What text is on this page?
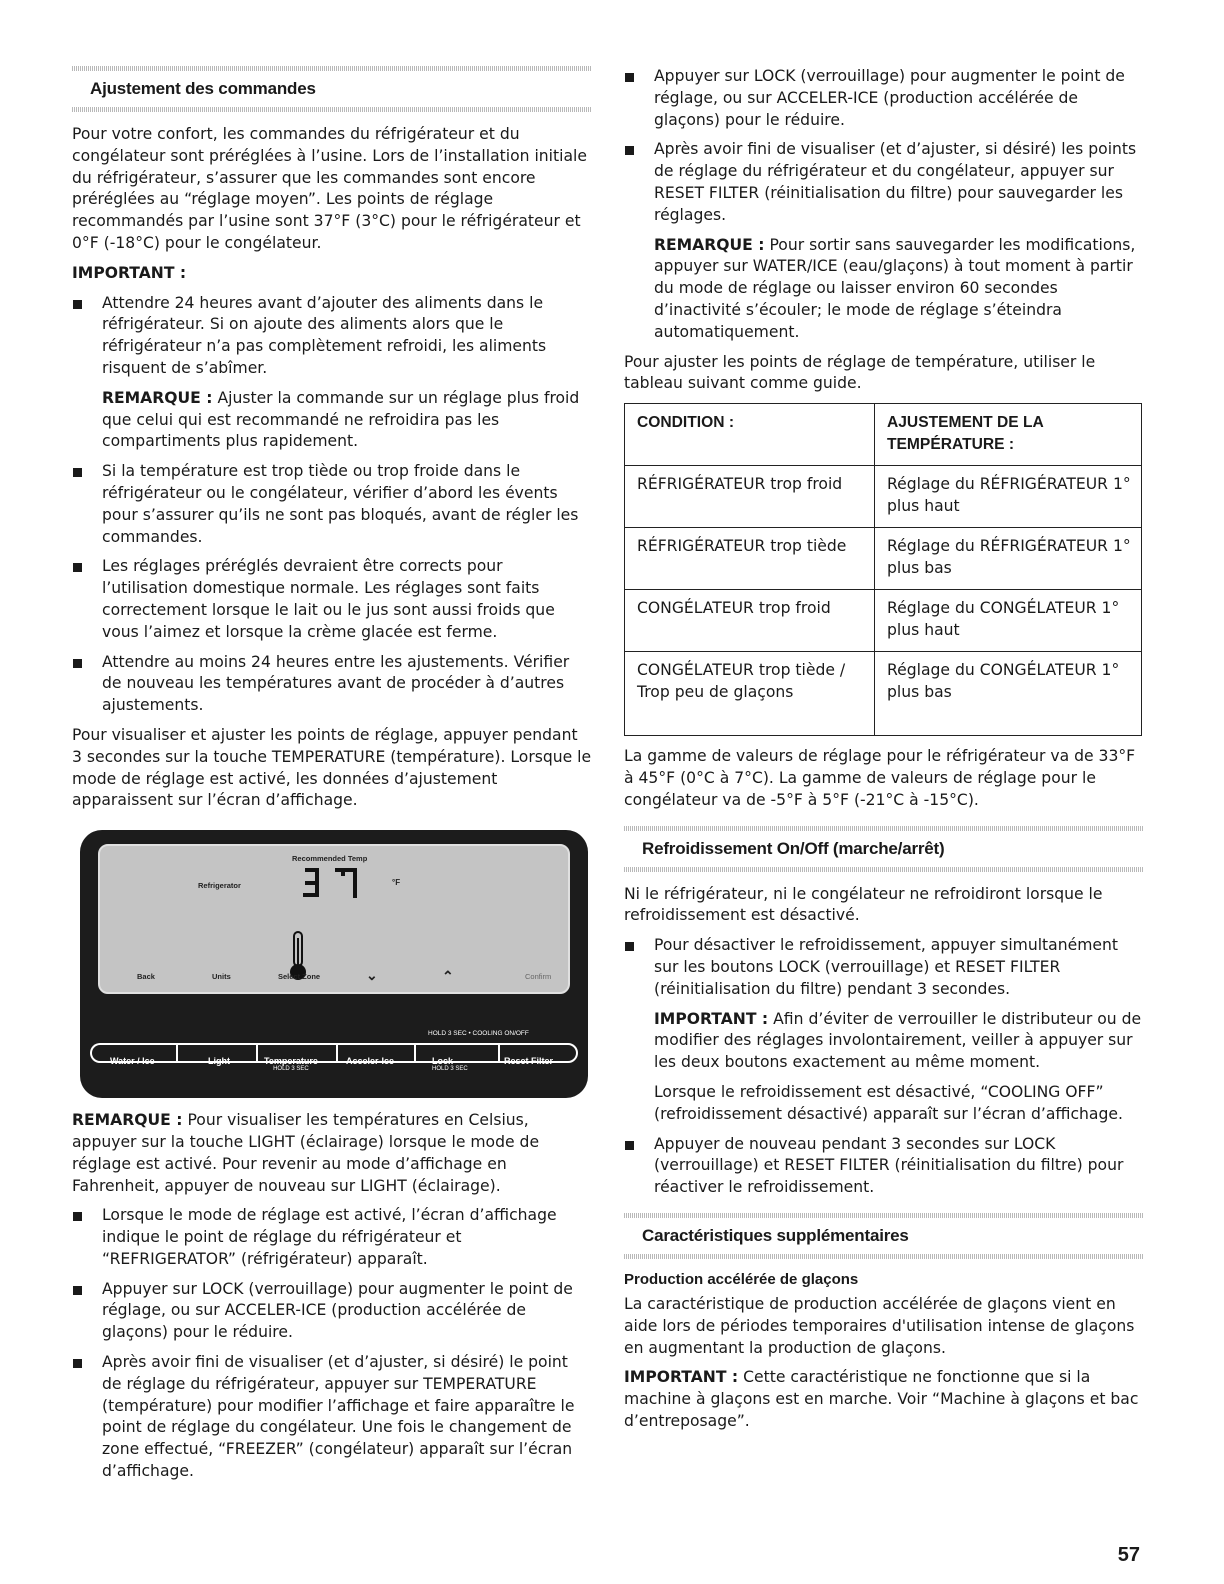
Ajustement des commandes

Pour votre confort, les commandes du réfrigérateur et du congélateur sont préréglées à l’usine. Lors de l’installation initiale du réfrigérateur, s’assurer que les commandes sont encore préréglées au “réglage moyen”. Les points de réglage recommandés par l’usine sont 37°F (3°C) pour le réfrigérateur et 0°F (-18°C) pour le congélateur.

IMPORTANT :

Attendre 24 heures avant d’ajouter des aliments dans le réfrigérateur. Si on ajoute des aliments alors que le réfrigérateur n’a pas complètement refroidi, les aliments risquent de s’abîmer.

REMARQUE : Ajuster la commande sur un réglage plus froid que celui qui est recommandé ne refroidira pas les compartiments plus rapidement.

Si la température est trop tiède ou trop froide dans le réfrigérateur ou le congélateur, vérifier d’abord les évents pour s’assurer qu’ils ne sont pas bloqués, avant de régler les commandes.

Les réglages préréglés devraient être corrects pour l’utilisation domestique normale. Les réglages sont faits correctement lorsque le lait ou le jus sont aussi froids que vous l’aimez et lorsque la crème glacée est ferme.

Attendre au moins 24 heures entre les ajustements. Vérifier de nouveau les températures avant de procéder à d’autres ajustements.

Pour visualiser et ajuster les points de réglage, appuyer pendant 3 secondes sur la touche TEMPERATURE (température). Lorsque le mode de réglage est activé, les données d’ajustement apparaissent sur l’écran d’affichage.

Recommended Temp
Refrigerator	°F
Back	Units	Select Zone	⌄	⌃	Confirm
HOLD 3 SEC • COOLING ON/OFF
Water / Ice	Light	Temperature
HOLD 3 SEC
Acceler-Ice	Lock
HOLD 3 SEC
Reset Filter

REMARQUE : Pour visualiser les températures en Celsius, appuyer sur la touche LIGHT (éclairage) lorsque le mode de réglage est activé. Pour revenir au mode d’affichage en Fahrenheit, appuyer de nouveau sur LIGHT (éclairage).

Lorsque le mode de réglage est activé, l’écran d’affichage indique le point de réglage du réfrigérateur et “REFRIGERATOR” (réfrigérateur) apparaît.

Appuyer sur LOCK (verrouillage) pour augmenter le point de réglage, ou sur ACCELER-ICE (production accélérée de glaçons) pour le réduire.

Après avoir fini de visualiser (et d’ajuster, si désiré) le point de réglage du réfrigérateur, appuyer sur TEMPERATURE (température) pour modifier l’affichage et faire apparaître le point de réglage du congélateur. Une fois le changement de zone effectué, “FREEZER” (congélateur) apparaît sur l’écran d’affichage.

Appuyer sur LOCK (verrouillage) pour augmenter le point de réglage, ou sur ACCELER-ICE (production accélérée de glaçons) pour le réduire.

Après avoir fini de visualiser (et d’ajuster, si désiré) les points de réglage du réfrigérateur et du congélateur, appuyer sur RESET FILTER (réinitialisation du filtre) pour sauvegarder les réglages.

REMARQUE : Pour sortir sans sauvegarder les modifications, appuyer sur WATER/ICE (eau/glaçons) à tout moment à partir du mode de réglage ou laisser environ 60 secondes d’inactivité s’écouler; le mode de réglage s’éteindra automatiquement.

Pour ajuster les points de réglage de température, utiliser le tableau suivant comme guide.

CONDITION :	AJUSTEMENT DE LA TEMPÉRATURE :
RÉFRIGÉRATEUR trop froid	Réglage du RÉFRIGÉRATEUR 1° plus haut
RÉFRIGÉRATEUR trop tiède	Réglage du RÉFRIGÉRATEUR 1° plus bas
CONGÉLATEUR trop froid	Réglage du CONGÉLATEUR 1° plus haut
CONGÉLATEUR trop tiède / Trop peu de glaçons	Réglage du CONGÉLATEUR 1° plus bas

La gamme de valeurs de réglage pour le réfrigérateur va de 33°F à 45°F (0°C à 7°C). La gamme de valeurs de réglage pour le congélateur va de -5°F à 5°F (-21°C à -15°C).

Refroidissement On/Off (marche/arrêt)

Ni le réfrigérateur, ni le congélateur ne refroidiront lorsque le refroidissement est désactivé.

Pour désactiver le refroidissement, appuyer simultanément sur les boutons LOCK (verrouillage) et RESET FILTER (réinitialisation du filtre) pendant 3 secondes.

IMPORTANT : Afin d’éviter de verrouiller le distributeur ou de modifier des réglages involontairement, veiller à appuyer sur les deux boutons exactement au même moment.

Lorsque le refroidissement est désactivé, “COOLING OFF” (refroidissement désactivé) apparaît sur l’écran d’affichage.

Appuyer de nouveau pendant 3 secondes sur LOCK (verrouillage) et RESET FILTER (réinitialisation du filtre) pour réactiver le refroidissement.

Caractéristiques supplémentaires

Production accélérée de glaçons

La caractéristique de production accélérée de glaçons vient en aide lors de périodes temporaires d'utilisation intense de glaçons en augmentant la production de glaçons.

IMPORTANT : Cette caractéristique ne fonctionne que si la machine à glaçons est en marche. Voir “Machine à glaçons et bac d’entreposage”.

57
